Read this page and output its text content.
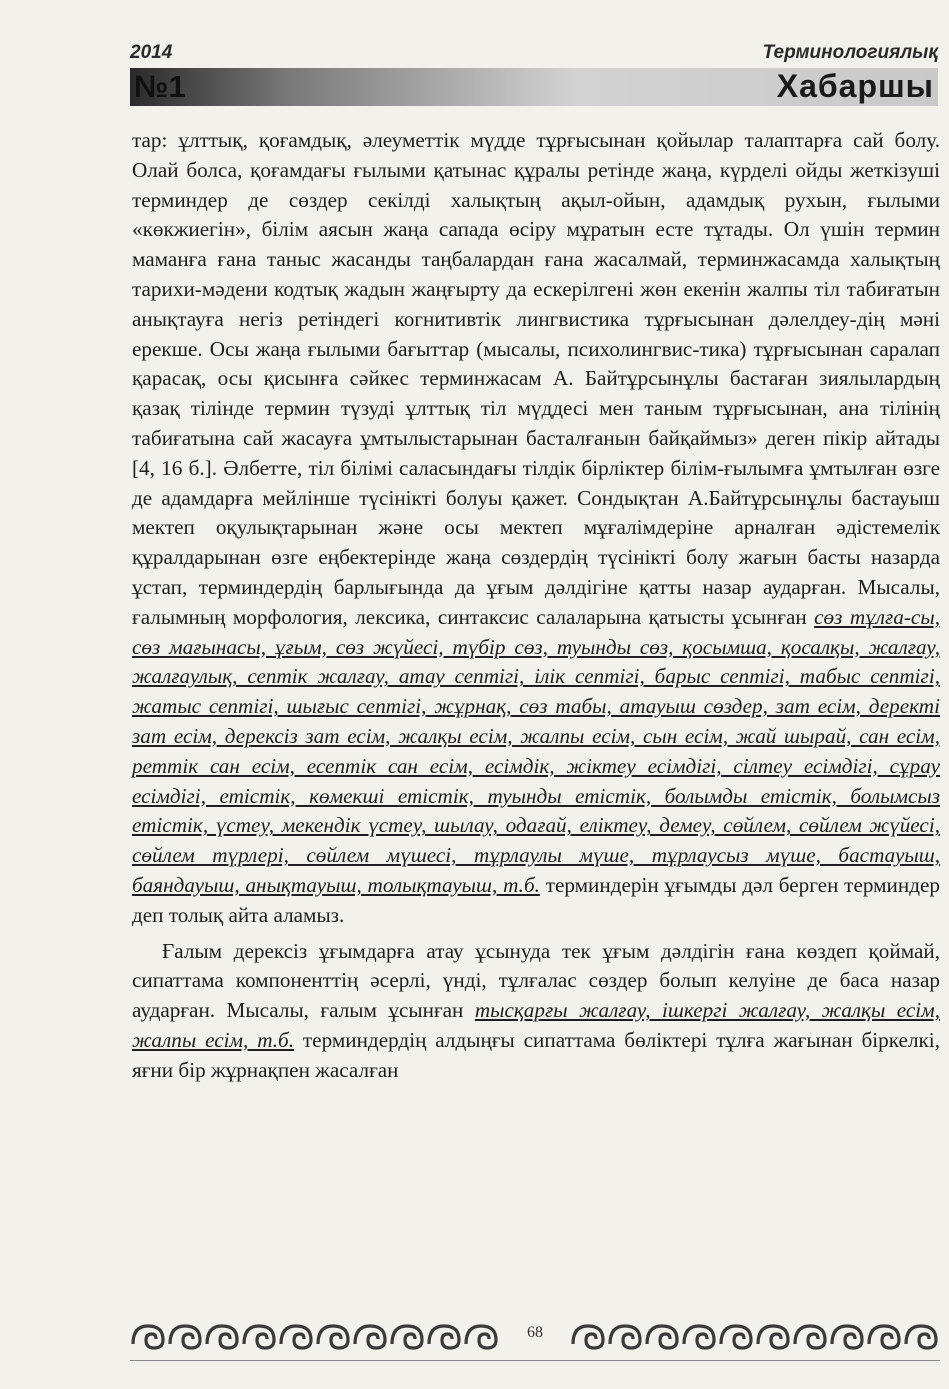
2014	Терминологиялық
№1	Хабаршы

тар: ұлттық, қоғамдық, әлеуметтік мүдде тұрғысынан қойылар талаптарға сай болу. Олай болса, қоғамдағы ғылыми қатынас құралы ретінде жаңа, күрделі ойды жеткізуші терминдер де сөздер секілді халықтың ақыл-ойын, адамдық рухын, ғылыми «көкжиегін», білім аясын жаңа сапада өсіру мұратын есте тұтады. Ол үшін термин маманға ғана таныс жасанды таңбалардан ғана жасалмай, терминжасамда халықтың тарихи-мәдени кодтық жадын жаңғырту да ескерілгені жөн екенін жалпы тіл табиғатын анықтауға негіз ретіндегі когнитивтік лингвистика тұрғысынан дәлелдеу-дің мәні ерекше. Осы жаңа ғылыми бағыттар (мысалы, психолингвис-тика) тұрғысынан саралап қарасақ, осы қисынға сәйкес терминжасам А. Байтұрсынұлы бастаған зиялылардың қазақ тілінде термин түзуді ұлттық тіл мүддесі мен таным тұрғысынан, ана тілінің табиғатына сай жасауға ұмтылыстарынан басталғанын байқаймыз» деген пікір айтады [4, 16 б.]. Әлбетте, тіл білімі саласындағы тілдік бірліктер білім-ғылымға ұмтылған өзге де адамдарға мейлінше түсінікті болуы қажет. Сондықтан А.Байтұрсынұлы бастауыш мектеп оқулықтарынан және осы мектеп мұғалімдеріне арналған әдістемелік құралдарынан өзге еңбектерінде жаңа сөздердің түсінікті болу жағын басты назарда ұстап, терминдердің барлығында да ұғым дәлдігіне қатты назар аударған. Мысалы, ғалымның морфология, лексика, синтаксис салаларына қатысты ұсынған сөз тұлға-сы, сөз мағынасы, ұғым, сөз жүйесі, түбір сөз, туынды сөз, қосымша, қосалқы, жалғау, жалғаулық, септік жалғау, атау септігі, ілік септігі, барыс септігі, табыс септігі, жатыс септігі, шығыс септігі, жұрнақ, сөз табы, атауыш сөздер, зат есім, деректі зат есім, дерексіз зат есім, жалқы есім, жалпы есім, сын есім, жай шырай, сан есім, реттік сан есім, есептік сан есім, есімдік, жіктеу есімдігі, сілтеу есімдігі, сұрау есімдігі, етістік, көмекші етістік, туынды етістік, болымды етістік, болымсыз етістік, үстеу, мекендік үстеу, шылау, одағай, еліктеу, демеу, сөйлем, сөйлем жүйесі, сөйлем түрлері, сөйлем мүшесі, тұрлаулы мүше, тұрлаусыз мүше, бастауыш, баяндауыш, анықтауыш, толықтауыш, т.б. терминдерін ұғымды дәл берген терминдер деп толық айта аламыз.

Ғалым дерексіз ұғымдарға атау ұсынуда тек ұғым дәлдігін ғана көздеп қоймай, сипаттама компоненттің әсерлі, үнді, тұлғалас сөздер болып келуіне де баса назар аударған. Мысалы, ғалым ұсынған тысқарғы жалғау, ішкергі жалғау, жалқы есім, жалпы есім, т.б. терминдердің алдыңғы сипаттама бөліктері тұлға жағынан біркелкі, яғни бір жұрнақпен жасалған

68
